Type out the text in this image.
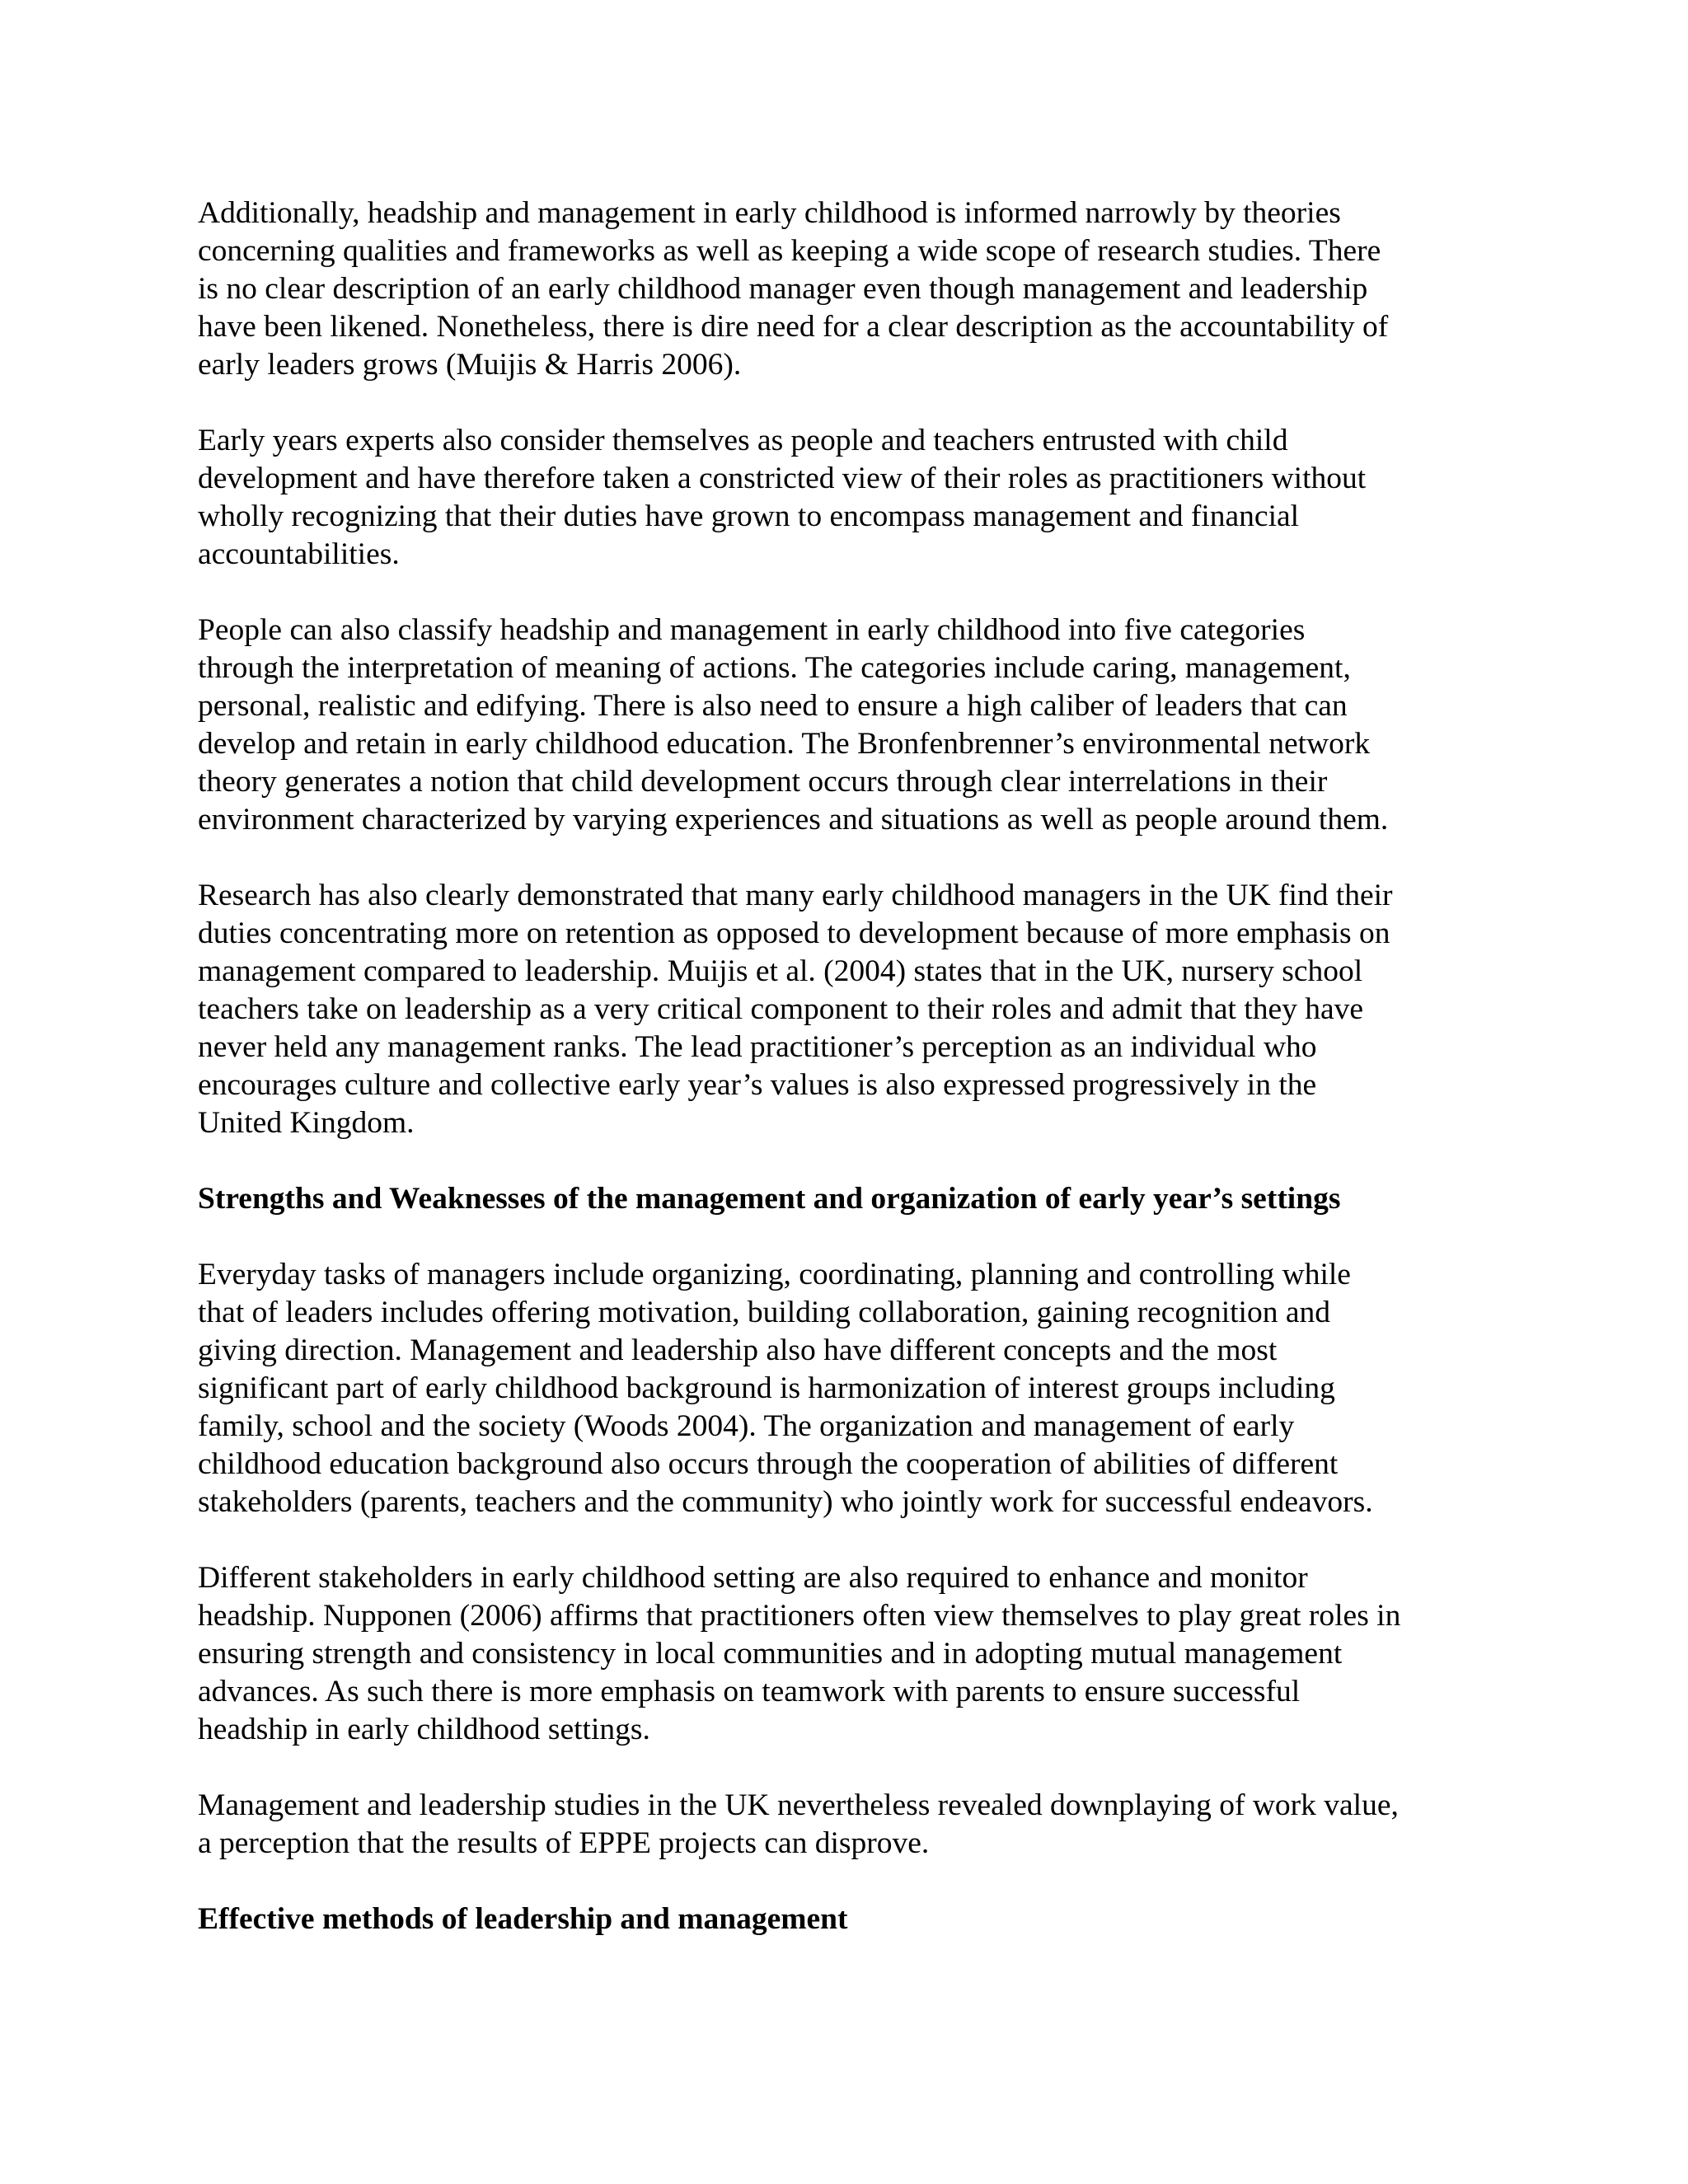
Additionally, headship and management in early childhood is informed narrowly by theories
concerning qualities and frameworks as well as keeping a wide scope of research studies. There
is no clear description of an early childhood manager even though management and leadership
have been likened. Nonetheless, there is dire need for a clear description as the accountability of
early leaders grows (Muijis & Harris 2006).
Early years experts also consider themselves as people and teachers entrusted with child
development and have therefore taken a constricted view of their roles as practitioners without
wholly recognizing that their duties have grown to encompass management and financial
accountabilities.
People can also classify headship and management in early childhood into five categories
through the interpretation of meaning of actions. The categories include caring, management,
personal, realistic and edifying. There is also need to ensure a high caliber of leaders that can
develop and retain in early childhood education. The Bronfenbrenner’s environmental network
theory generates a notion that child development occurs through clear interrelations in their
environment characterized by varying experiences and situations as well as people around them.
Research has also clearly demonstrated that many early childhood managers in the UK find their
duties concentrating more on retention as opposed to development because of more emphasis on
management compared to leadership. Muijis et al. (2004) states that in the UK, nursery school
teachers take on leadership as a very critical component to their roles and admit that they have
never held any management ranks. The lead practitioner’s perception as an individual who
encourages culture and collective early year’s values is also expressed progressively in the
United Kingdom.
Strengths and Weaknesses of the management and organization of early year’s settings
Everyday tasks of managers include organizing, coordinating, planning and controlling while
that of leaders includes offering motivation, building collaboration, gaining recognition and
giving direction. Management and leadership also have different concepts and the most
significant part of early childhood background is harmonization of interest groups including
family, school and the society (Woods 2004). The organization and management of early
childhood education background also occurs through the cooperation of abilities of different
stakeholders (parents, teachers and the community) who jointly work for successful endeavors.
Different stakeholders in early childhood setting are also required to enhance and monitor
headship. Nupponen (2006) affirms that practitioners often view themselves to play great roles in
ensuring strength and consistency in local communities and in adopting mutual management
advances. As such there is more emphasis on teamwork with parents to ensure successful
headship in early childhood settings.
Management and leadership studies in the UK nevertheless revealed downplaying of work value,
a perception that the results of EPPE projects can disprove.
Effective methods of leadership and management
